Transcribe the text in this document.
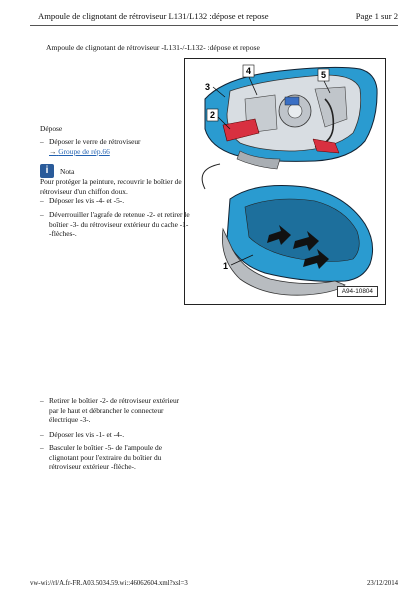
Ampoule de clignotant de rétroviseur L131/L132 :dépose et repose	Page 1 sur 2
Ampoule de clignotant de rétroviseur -L131-/-L132- :dépose et repose
1
2
3
4	5
A94-10804
Dépose
– Déposer le verre de rétroviseur
→ Groupe de rép.66
i	Nota
Pour protéger la peinture, recouvrir le boîtier de rétroviseur d'un chiffon doux.
– Déposer les vis -4- et -5-.
– Déverrouiller l'agrafe de retenue -2- et retirer le boîtier -3- du rétroviseur extérieur du cache -1- -flèches-.
– Retirer le boîtier -2- de rétroviseur extérieur par le haut et débrancher le connecteur électrique -3-.
– Déposer les vis -1- et -4-.
– Basculer le boîtier -5- de l'ampoule de clignotant pour l'extraire du boîtier du rétroviseur extérieur -flèche-.
vw-wi://rl/A.fr-FR.A03.5034.59.wi::46062604.xml?xsl=3	23/12/2014
